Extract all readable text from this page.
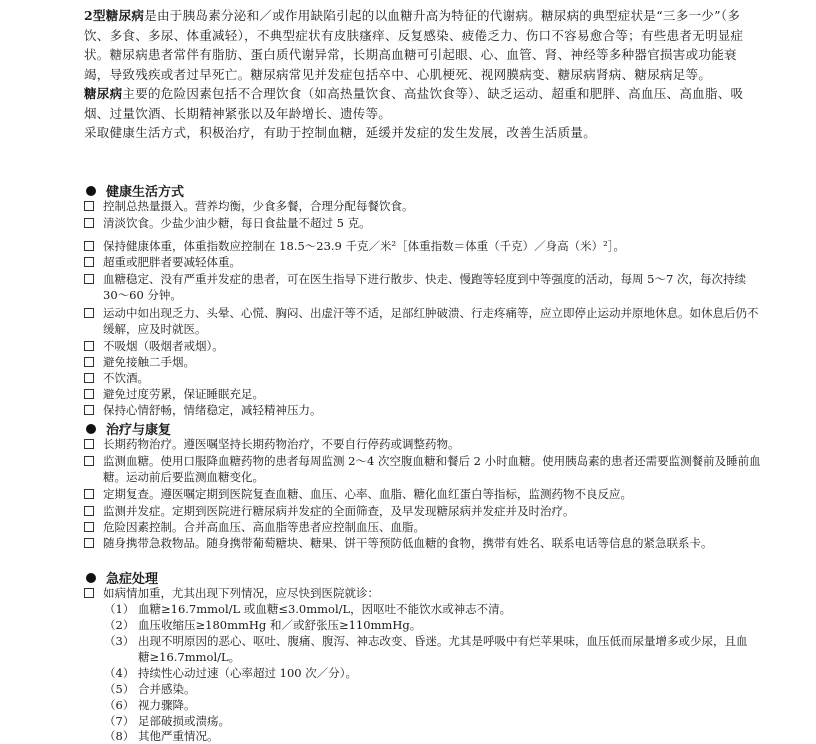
2型糖尿病是由于胰岛素分泌和／或作用缺陷引起的以血糖升高为特征的代谢病。糖尿病的典型症状是“三多一少”（多饮、多食、多尿、体重减轻），不典型症状有皮肤瘙痒、反复感染、疲倦乏力、伤口不容易愈合等；有些患者无明显症状。糖尿病患者常伴有脂肪、蛋白质代谢异常，长期高血糖可引起眼、心、血管、肾、神经等多种器官损害或功能衰竭，导致残疾或者过早死亡。糖尿病常见并发症包括卒中、心肌梗死、视网膜病变、糖尿病肾病、糖尿病足等。

糖尿病主要的危险因素包括不合理饮食（如高热量饮食、高盐饮食等）、缺乏运动、超重和肥胖、高血压、高血脂、吸烟、过量饮酒、长期精神紧张以及年龄增长、遗传等。

采取健康生活方式，积极治疗，有助于控制血糖，延缓并发症的发生发展，改善生活质量。

健康生活方式
控制总热量摄入。营养均衡，少食多餐，合理分配每餐饮食。
清淡饮食。少盐少油少糖，每日食盐量不超过 5 克。
保持健康体重，体重指数应控制在 18.5～23.9 千克／米²［体重指数＝体重（千克）／身高（米）²］。
超重或肥胖者要减轻体重。
血糖稳定、没有严重并发症的患者，可在医生指导下进行散步、快走、慢跑等轻度到中等强度的活动，每周 5～7 次，每次持续 30～60 分钟。
运动中如出现乏力、头晕、心慌、胸闷、出虚汗等不适，足部红肿破溃、行走疼痛等，应立即停止运动并原地休息。如休息后仍不缓解，应及时就医。
不吸烟（吸烟者戒烟）。
避免接触二手烟。
不饮酒。
避免过度劳累，保证睡眠充足。
保持心情舒畅，情绪稳定，减轻精神压力。
治疗与康复
长期药物治疗。遵医嘱坚持长期药物治疗，不要自行停药或调整药物。
监测血糖。使用口服降血糖药物的患者每周监测 2～4 次空腹血糖和餐后 2 小时血糖。使用胰岛素的患者还需要监测餐前及睡前血糖。运动前后要监测血糖变化。
定期复查。遵医嘱定期到医院复查血糖、血压、心率、血脂、糖化血红蛋白等指标，监测药物不良反应。
监测并发症。定期到医院进行糖尿病并发症的全面筛查，及早发现糖尿病并发症并及时治疗。
危险因素控制。合并高血压、高血脂等患者应控制血压、血脂。
随身携带急救物品。随身携带葡萄糖块、糖果、饼干等预防低血糖的食物，携带有姓名、联系电话等信息的紧急联系卡。
急症处理
如病情加重，尤其出现下列情况，应尽快到医院就诊：
（1） 血糖≥16.7mmol/L 或血糖≤3.0mmol/L，因呕吐不能饮水或神志不清。
（2） 血压收缩压≥180mmHg 和／或舒张压≥110mmHg。
（3） 出现不明原因的恶心、呕吐、腹痛、腹泻、神志改变、昏迷。尤其是呼吸中有烂苹果味，血压低而尿量增多或少尿，且血糖≥16.7mmol/L。
（4） 持续性心动过速（心率超过 100 次／分）。
（5） 合并感染。
（6） 视力骤降。
（7） 足部破损或溃疡。
（8） 其他严重情况。
